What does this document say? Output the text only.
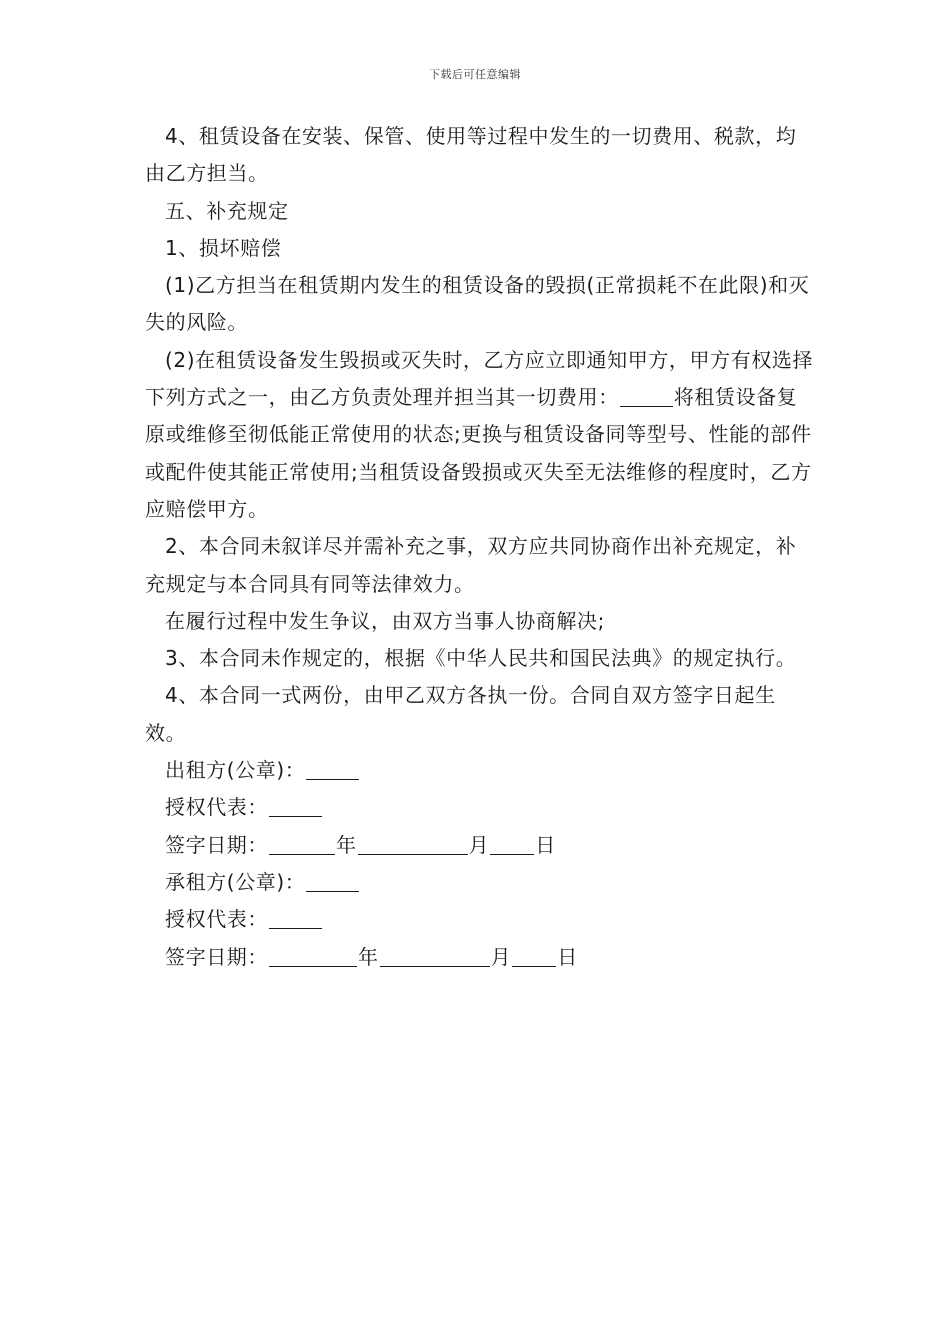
下载后可任意编辑

4、租赁设备在安装、保管、使用等过程中发生的一切费用、税款，均由乙方担当。

五、补充规定

1、损坏赔偿

(1)乙方担当在租赁期内发生的租赁设备的毁损(正常损耗不在此限)和灭失的风险。

(2)在租赁设备发生毁损或灭失时，乙方应立即通知甲方，甲方有权选择下列方式之一，由乙方负责处理并担当其一切费用：	将租赁设备复原或维修至彻低能正常使用的状态;更换与租赁设备同等型号、性能的部件或配件使其能正常使用;当租赁设备毁损或灭失至无法维修的程度时，乙方应赔偿甲方。

2、本合同未叙详尽并需补充之事，双方应共同协商作出补充规定，补充规定与本合同具有同等法律效力。

在履行过程中发生争议，由双方当事人协商解决;

3、本合同未作规定的，根据《中华人民共和国民法典》的规定执行。

4、本合同一式两份，由甲乙双方各执一份。合同自双方签字日起生效。

出租方(公章)：

授权代表：

签字日期：	年	月 日

承租方(公章)：

授权代表：

签字日期：	年	月 日
